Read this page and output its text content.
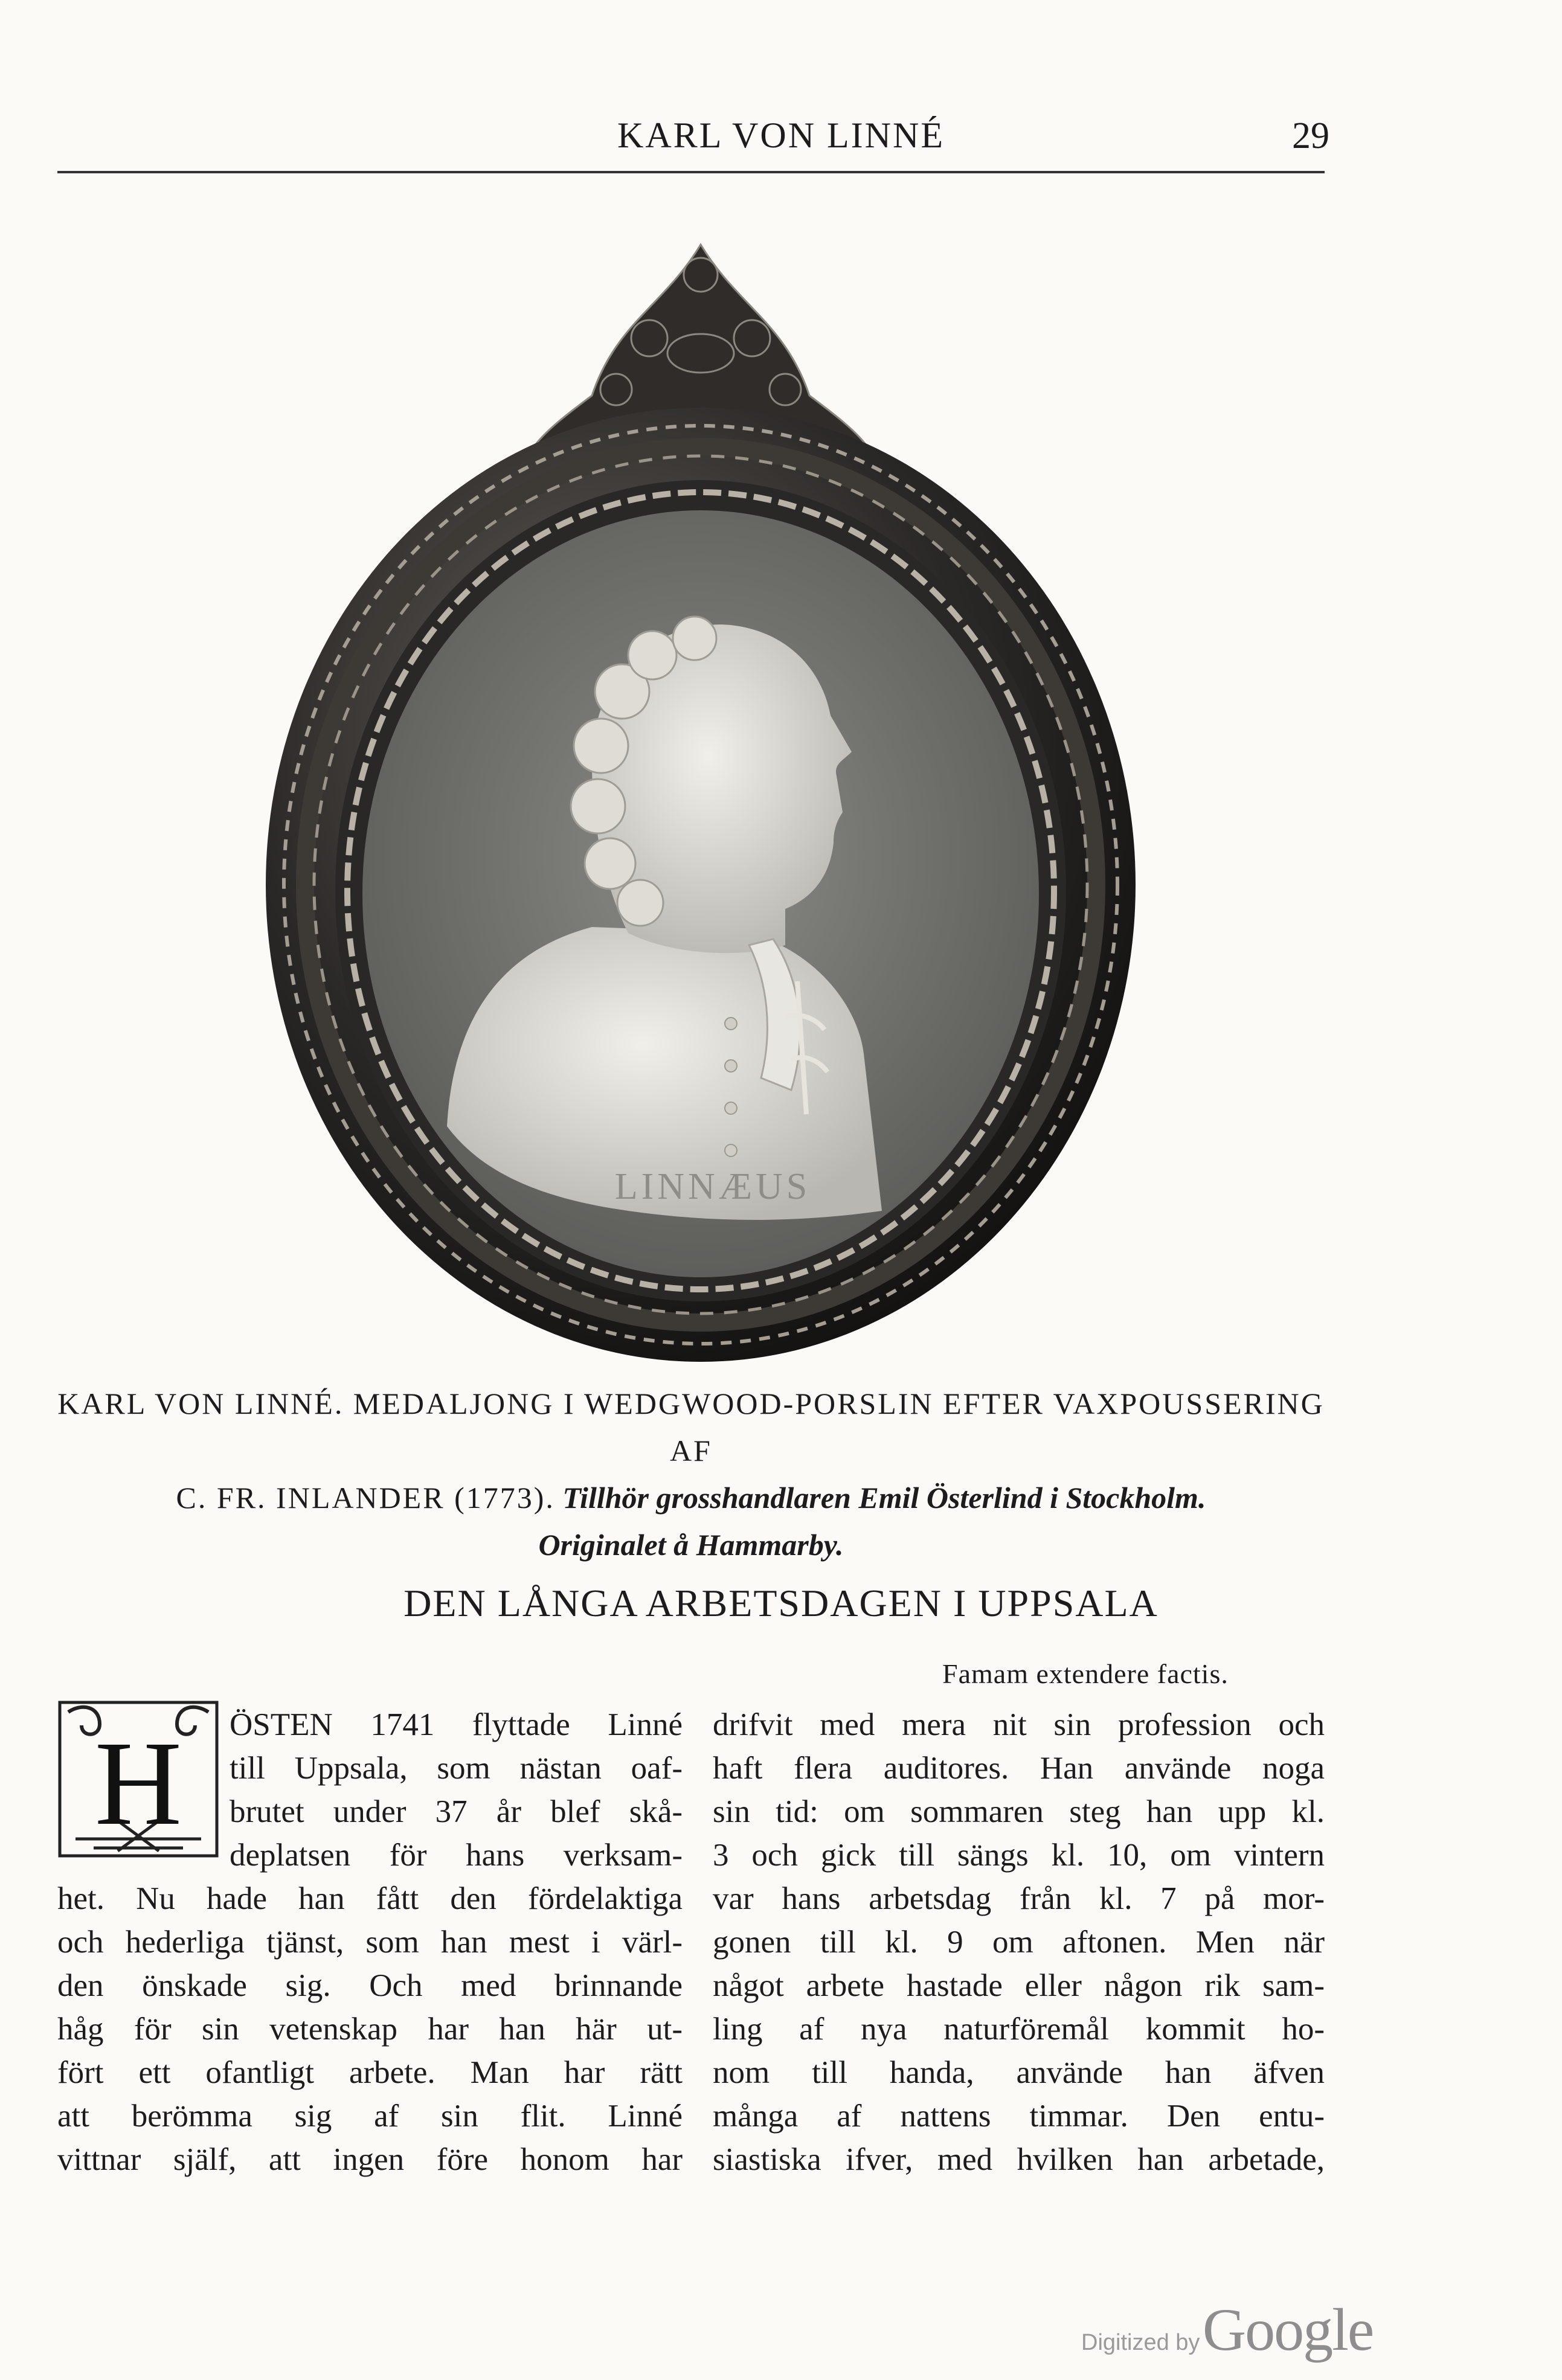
KARL VON LINNÉ	29
LINNÆUS
KARL VON LINNÉ. MEDALJONG I WEDGWOOD-PORSLIN EFTER VAXPOUSSERING AF
C. FR. INLANDER (1773). Tillhör grosshandlaren Emil Österlind i Stockholm.
Originalet å Hammarby.
DEN LÅNGA ARBETSDAGEN I UPPSALA
Famam extendere factis.
H	ÖSTEN 1741 flyttade Linné
till Uppsala, som nästan oaf-
brutet under 37 år blef skå-
deplatsen för hans verksam-
het. Nu hade han fått den fördelaktiga
och hederliga tjänst, som han mest i värl-
den önskade sig. Och med brinnande
håg för sin vetenskap har han här ut-
fört ett ofantligt arbete. Man har rätt
att berömma sig af sin flit. Linné
vittnar själf, att ingen före honom har
drifvit med mera nit sin profession och
haft flera auditores. Han använde noga
sin tid: om sommaren steg han upp kl.
3 och gick till sängs kl. 10, om vintern
var hans arbetsdag från kl. 7 på mor-
gonen till kl. 9 om aftonen. Men när
något arbete hastade eller någon rik sam-
ling af nya naturföremål kommit ho-
nom till handa, använde han äfven
många af nattens timmar. Den entu-
siastiska ifver, med hvilken han arbetade,
Digitized by Google
